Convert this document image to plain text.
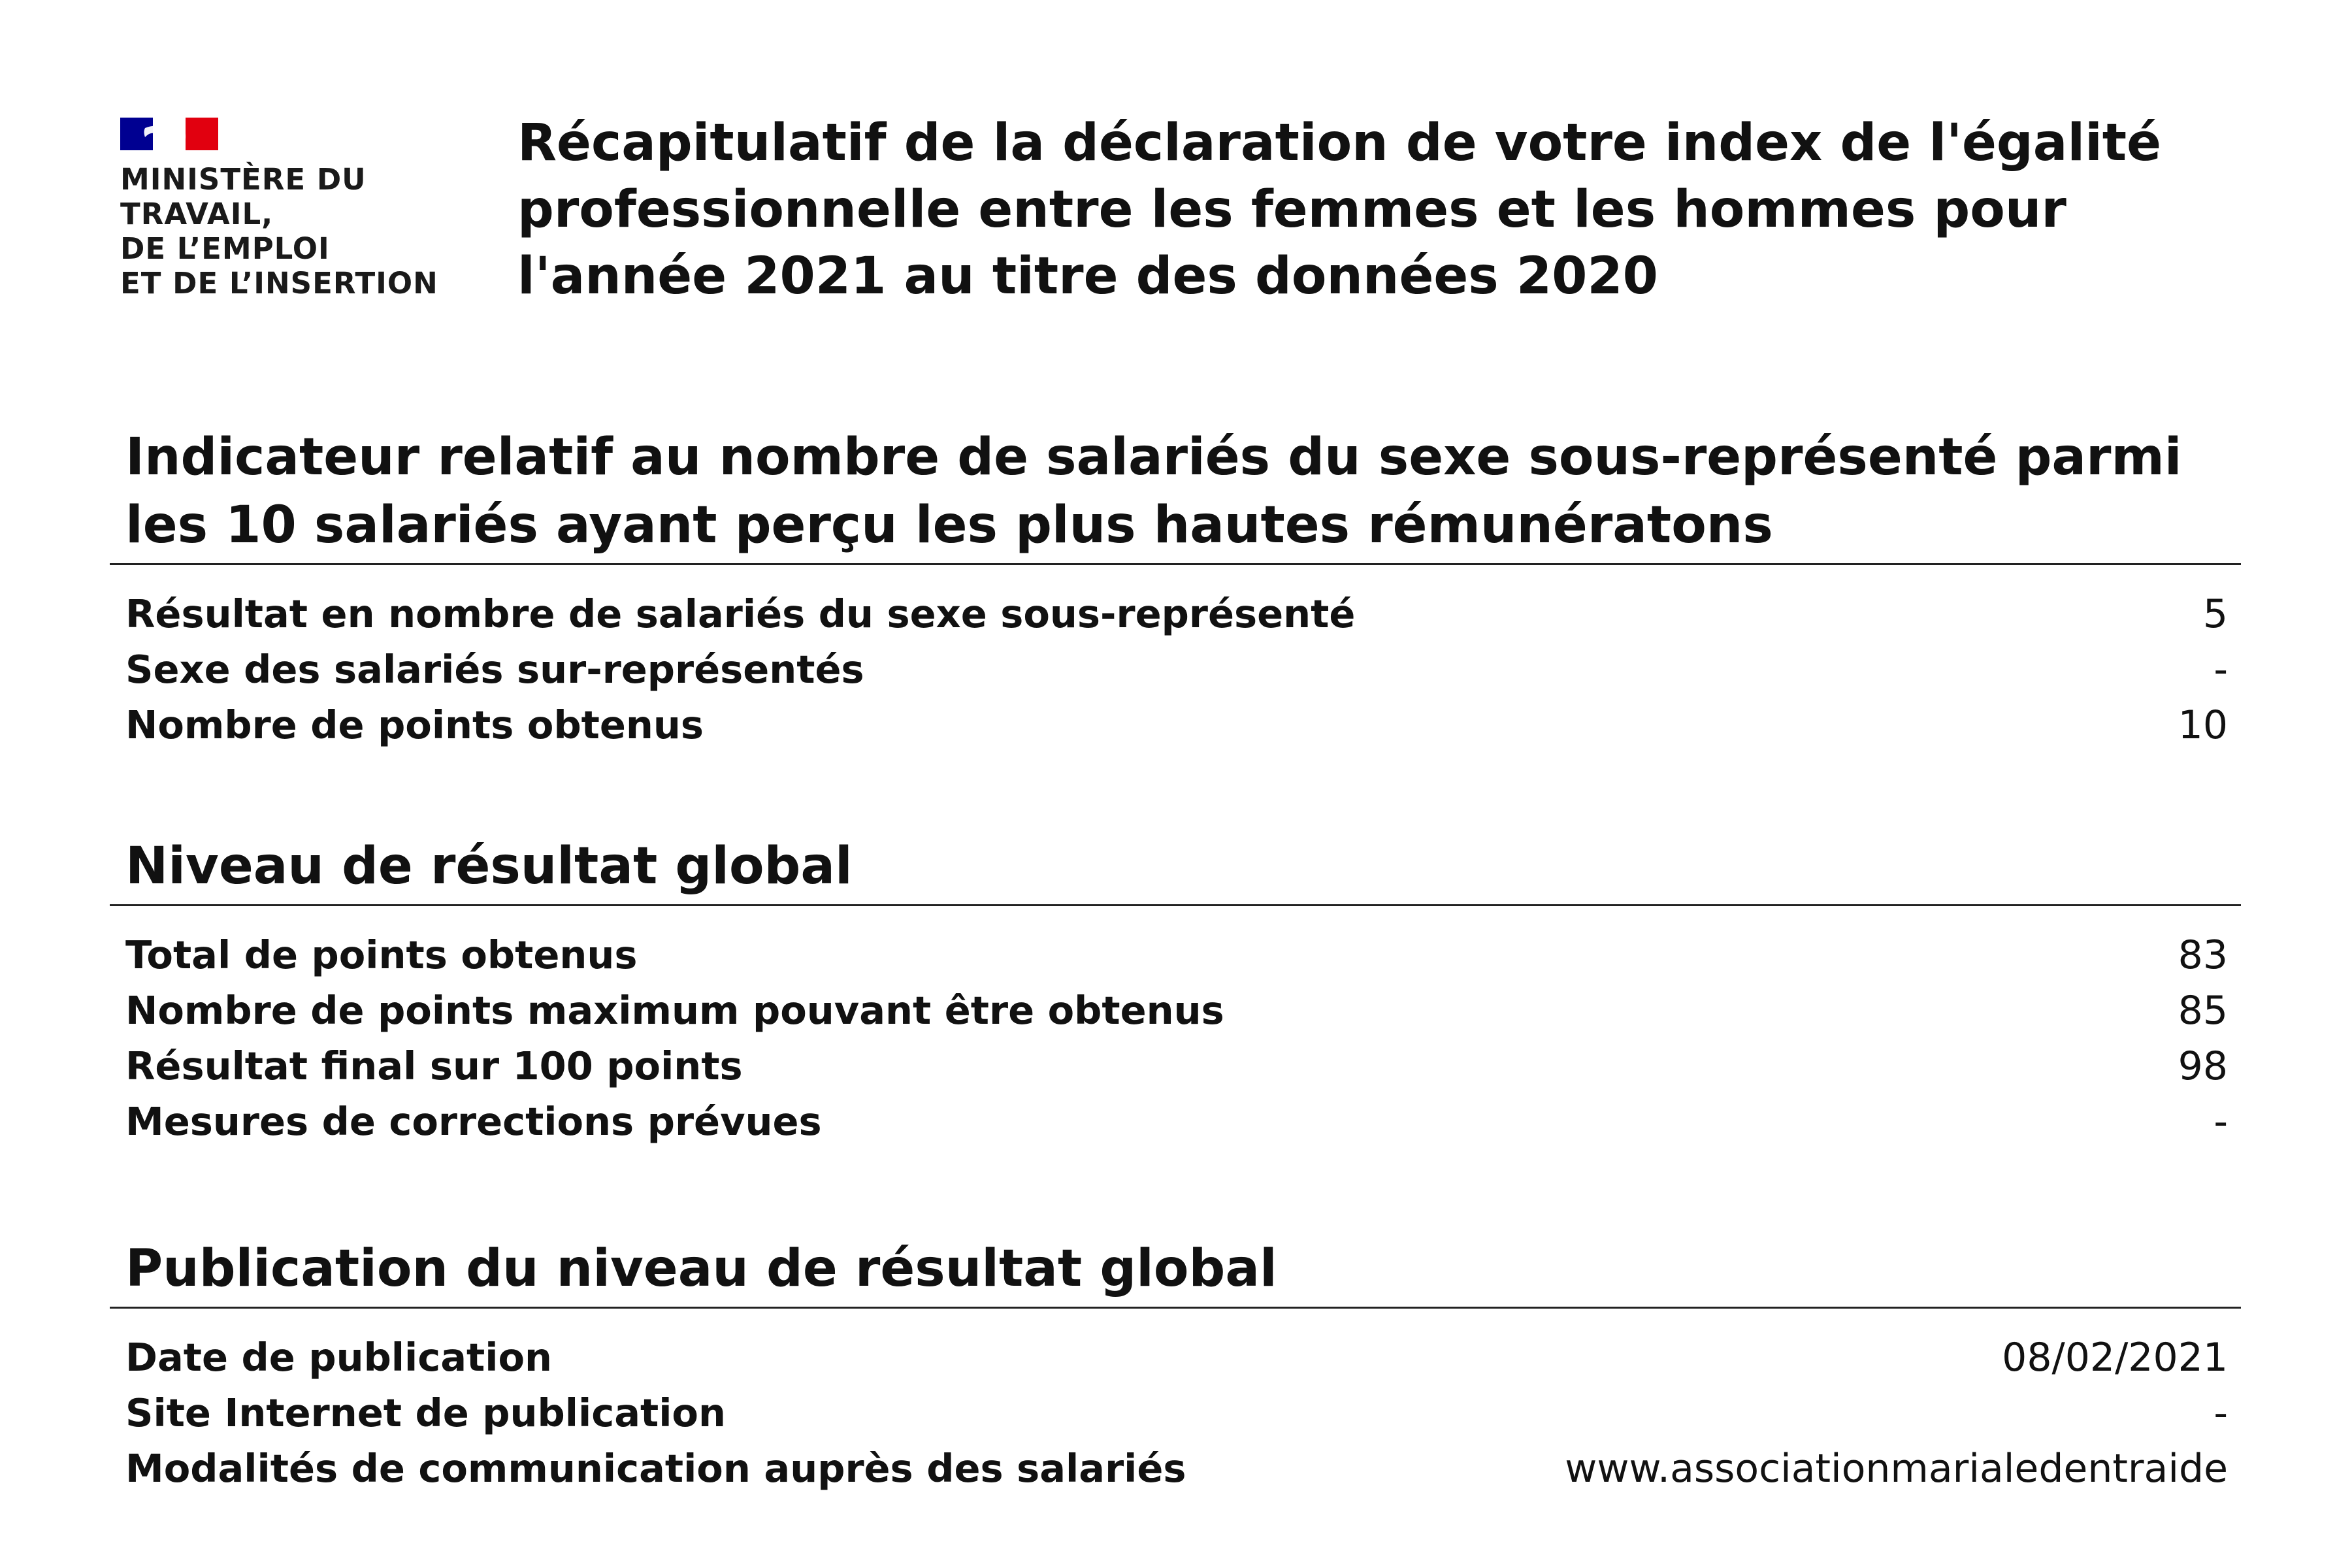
MINISTÈRE DU
TRAVAIL,
DE L’EMPLOI
ET DE L’INSERTION
Récapitulatif de la déclaration de votre index de l'égalité professionnelle entre les femmes et les hommes pour l'année 2021 au titre des données 2020
Indicateur relatif au nombre de salariés du sexe sous-représenté parmi les 10 salariés ayant perçu les plus hautes rémunératons
Résultat en nombre de salariés du sexe sous-représenté	5
Sexe des salariés sur-représentés	-
Nombre de points obtenus	10
Niveau de résultat global
Total de points obtenus	83
Nombre de points maximum pouvant être obtenus	85
Résultat final sur 100 points	98
Mesures de corrections prévues	-
Publication du niveau de résultat global
Date de publication	08/02/2021
Site Internet de publication	-
Modalités de communication auprès des salariés	www.associationmarialedentraide
